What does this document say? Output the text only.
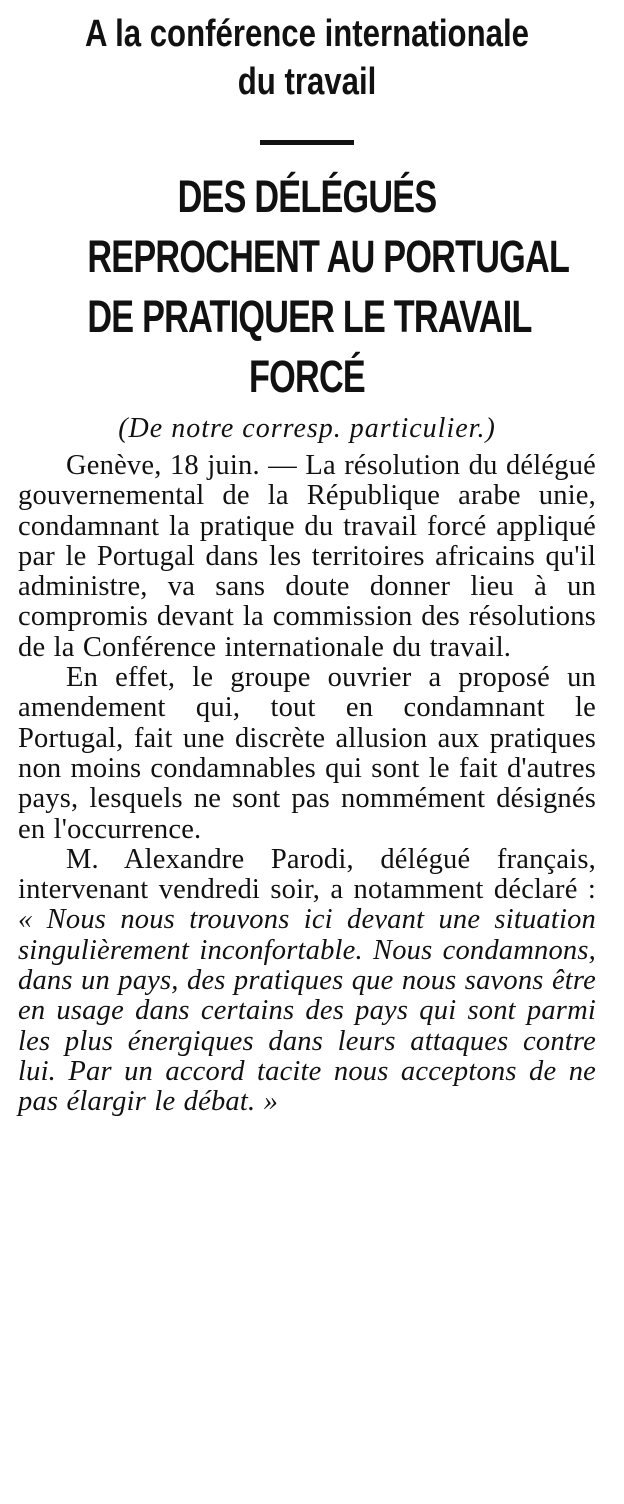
A la conférence internationale

du travail

DES DÉLÉGUÉS

REPROCHENT AU PORTUGAL

DE PRATIQUER LE TRAVAIL

FORCÉ

(De notre corresp. particulier.)

Genève, 18 juin. — La résolution du délégué gouvernemental de la République arabe unie, condamnant la pratique du travail forcé appliqué par le Portugal dans les territoires africains qu'il administre, va sans doute donner lieu à un compromis devant la commission des résolutions de la Conférence internationale du travail.

En effet, le groupe ouvrier a proposé un amendement qui, tout en condamnant le Portugal, fait une discrète allusion aux pratiques non moins condamnables qui sont le fait d'autres pays, lesquels ne sont pas nommément désignés en l'occurrence.

M. Alexandre Parodi, délégué français, intervenant vendredi soir, a notamment déclaré : « Nous nous trouvons ici devant une situation singulièrement inconfortable. Nous condamnons, dans un pays, des pratiques que nous savons être en usage dans certains des pays qui sont parmi les plus énergiques dans leurs attaques contre lui. Par un accord tacite nous acceptons de ne pas élargir le débat. »
